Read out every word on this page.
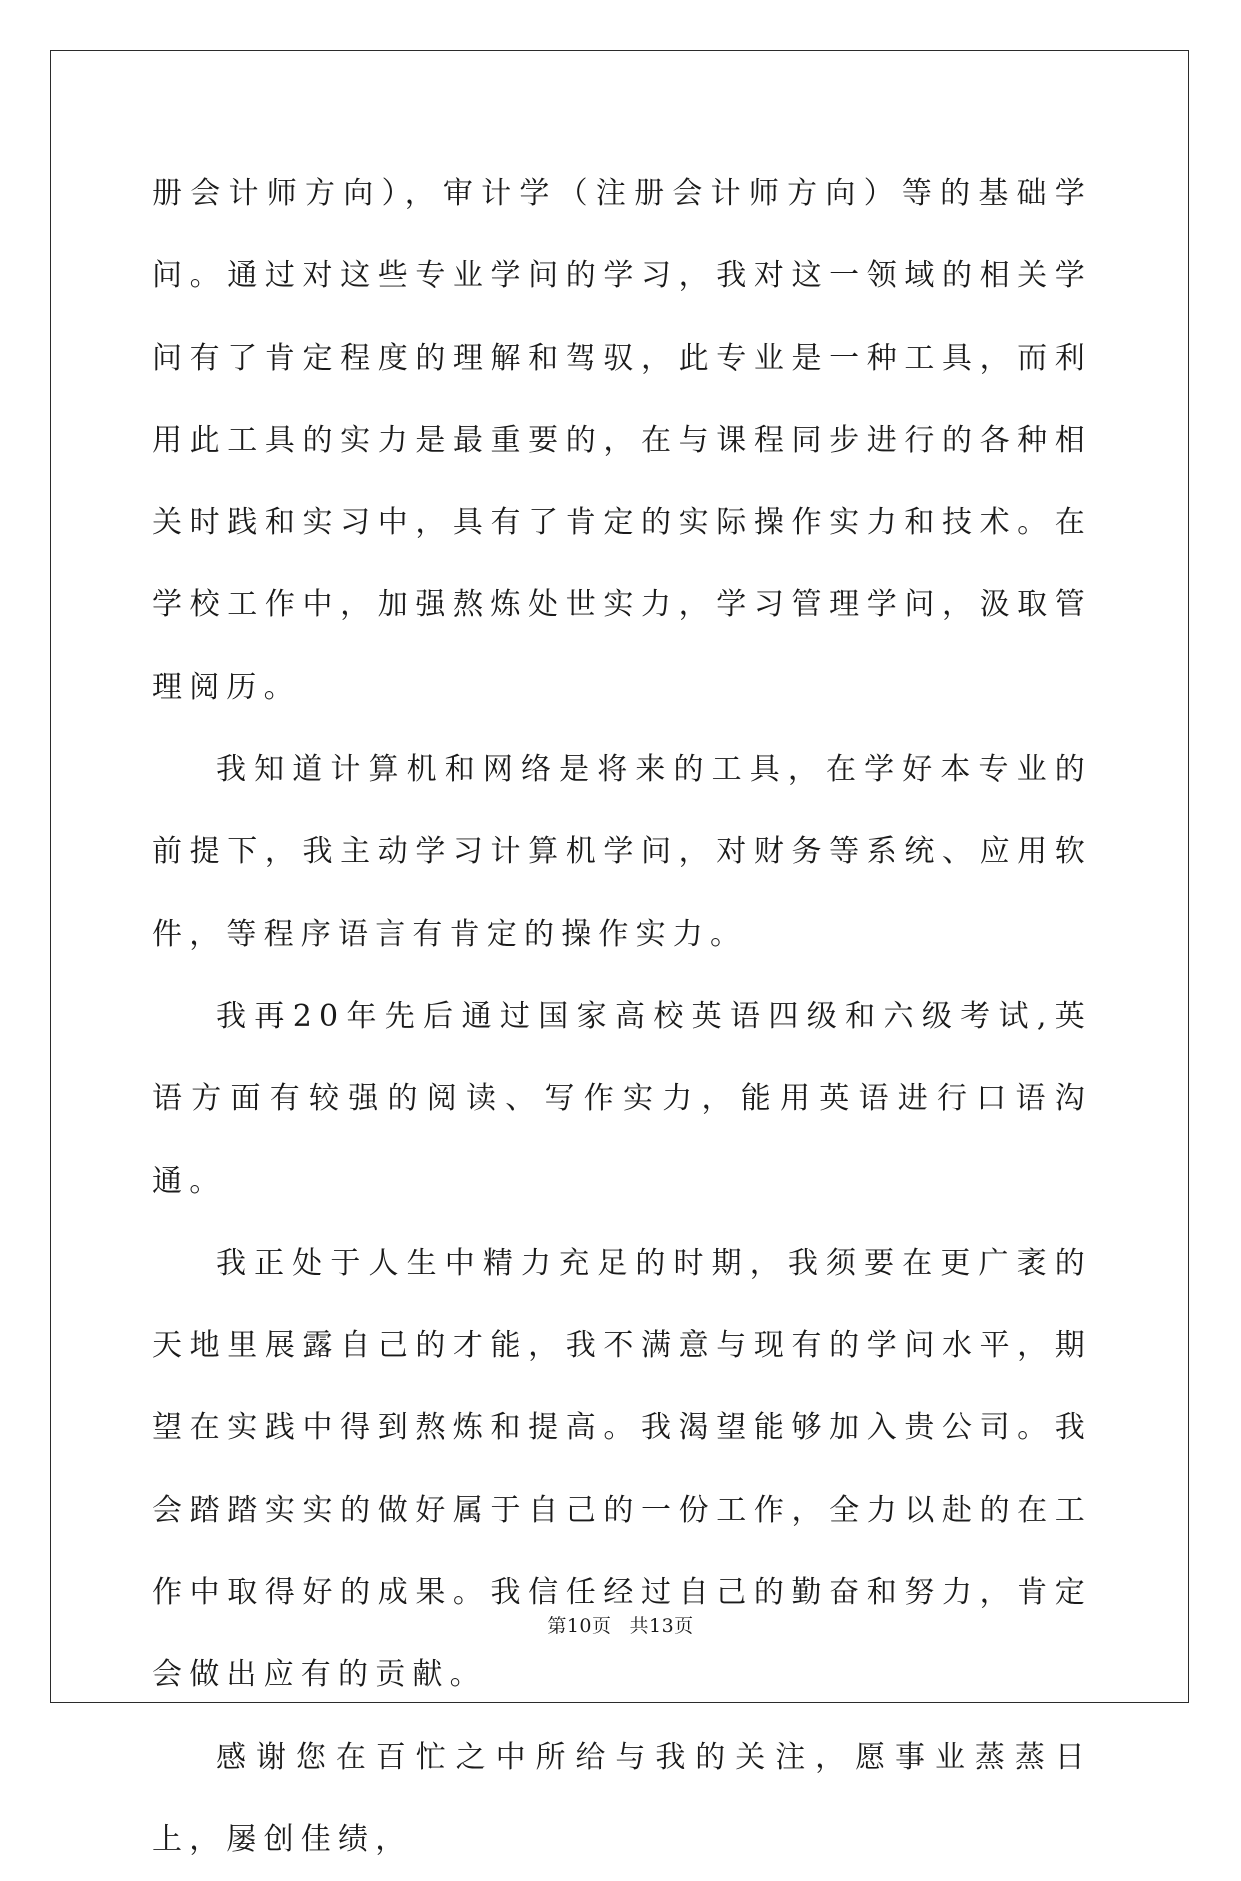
册会计师方向），审计学（注册会计师方向）等的基础学问。通过对这些专业学问的学习，我对这一领域的相关学问有了肯定程度的理解和驾驭，此专业是一种工具，而利用此工具的实力是最重要的，在与课程同步进行的各种相关时践和实习中，具有了肯定的实际操作实力和技术。在学校工作中，加强熬炼处世实力，学习管理学问，汲取管理阅历。

我知道计算机和网络是将来的工具，在学好本专业的前提下，我主动学习计算机学问，对财务等系统、应用软件，等程序语言有肯定的操作实力。

我再20年先后通过国家高校英语四级和六级考试,英语方面有较强的阅读、写作实力，能用英语进行口语沟通。

我正处于人生中精力充足的时期，我须要在更广袤的天地里展露自己的才能，我不满意与现有的学问水平，期望在实践中得到熬炼和提高。我渴望能够加入贵公司。我会踏踏实实的做好属于自己的一份工作，全力以赴的在工作中取得好的成果。我信任经过自己的勤奋和努力，肯定会做出应有的贡献。

感谢您在百忙之中所给与我的关注，愿事业蒸蒸日上，屡创佳绩，

第10页 共13页
